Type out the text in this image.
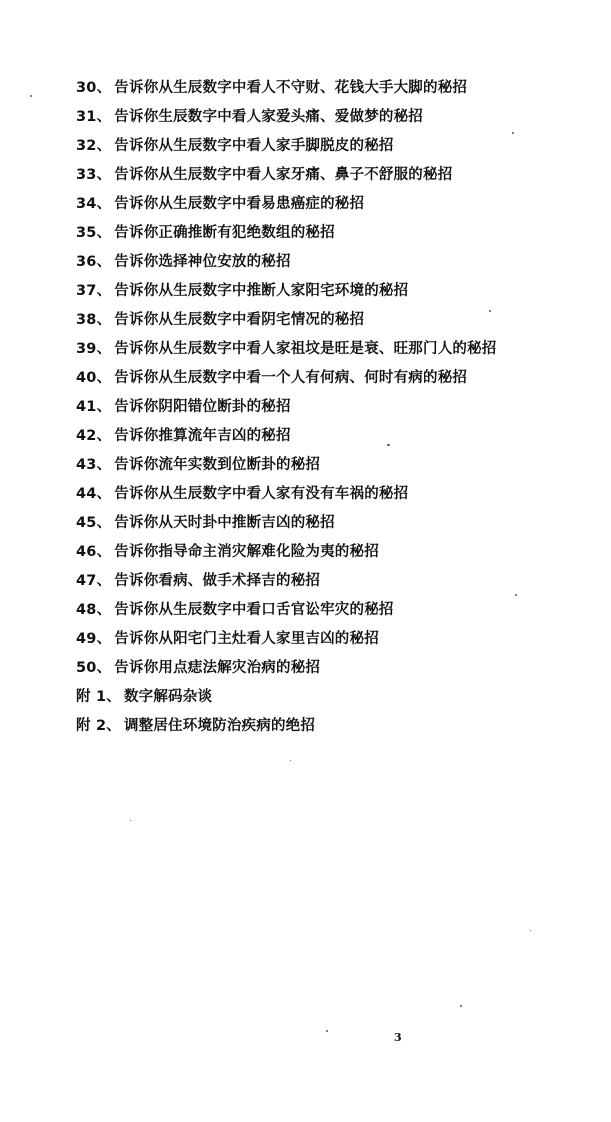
30、 告诉你从生辰数字中看人不守财、花钱大手大脚的秘招
31、 告诉你生辰数字中看人家爱头痛、爱做梦的秘招
32、 告诉你从生辰数字中看人家手脚脱皮的秘招
33、 告诉你从生辰数字中看人家牙痛、鼻子不舒服的秘招
34、 告诉你从生辰数字中看易患癌症的秘招
35、 告诉你正确推断有犯绝数组的秘招
36、 告诉你选择神位安放的秘招
37、 告诉你从生辰数字中推断人家阳宅环境的秘招
38、 告诉你从生辰数字中看阴宅情况的秘招
39、 告诉你从生辰数字中看人家祖坟是旺是衰、旺那门人的秘招
40、 告诉你从生辰数字中看一个人有何病、何时有病的秘招
41、 告诉你阴阳错位断卦的秘招
42、 告诉你推算流年吉凶的秘招
43、 告诉你流年实数到位断卦的秘招
44、 告诉你从生辰数字中看人家有没有车祸的秘招
45、 告诉你从天时卦中推断吉凶的秘招
46、 告诉你指导命主消灾解难化险为夷的秘招
47、 告诉你看病、做手术择吉的秘招
48、 告诉你从生辰数字中看口舌官讼牢灾的秘招
49、 告诉你从阳宅门主灶看人家里吉凶的秘招
50、 告诉你用点痣法解灾治病的秘招
附 1、 数字解码杂谈
附 2、 调整居住环境防治疾病的绝招
3
